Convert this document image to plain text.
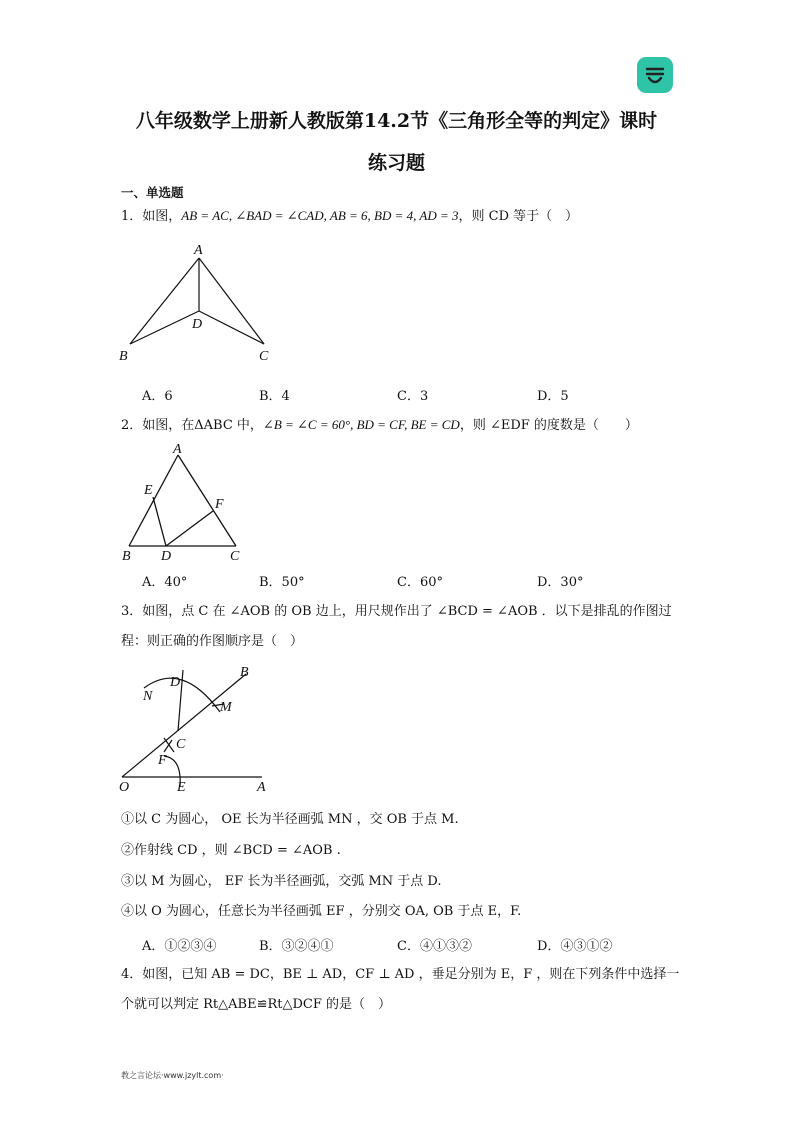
八年级数学上册新人教版第14.2节《三角形全等的判定》课时
练习题
一、单选题
1．如图，AB = AC, ∠BAD = ∠CAD, AB = 6, BD = 4, AD = 3，则 CD 等于（　）
A
D
B	C
A．6	B．4	C．3	D．5
2．如图，在ΔABC 中，∠B = ∠C = 60°, BD = CF, BE = CD，则 ∠EDF 的度数是（　　）
A
E
F
B D	C
A．40°	B．50°	C．60°	D．30°
3．如图，点 C 在 ∠AOB 的 OB 边上，用尺规作出了 ∠BCD = ∠AOB ．以下是排乱的作图过
程：则正确的作图顺序是（　）
B
N
D
M
C
F
O	E	A
①以 C 为圆心， OE 长为半径画弧 MN ，交 OB 于点 M.
②作射线 CD ，则 ∠BCD = ∠AOB .
③以 M 为圆心， EF 长为半径画弧，交弧 MN 于点 D.
④以 O 为圆心，任意长为半径画弧 EF ，分别交 OA, OB 于点 E，F.
A．①②③④	B．③②④①	C．④①③②	D．④③①②
4．如图，已知 AB = DC，BE ⊥ AD，CF ⊥ AD ，垂足分别为 E，F ，则在下列条件中选择一
个就可以判定 Rt△ABE≌Rt△DCF 的是（　）
教之言论坛·www.jzylt.com·
